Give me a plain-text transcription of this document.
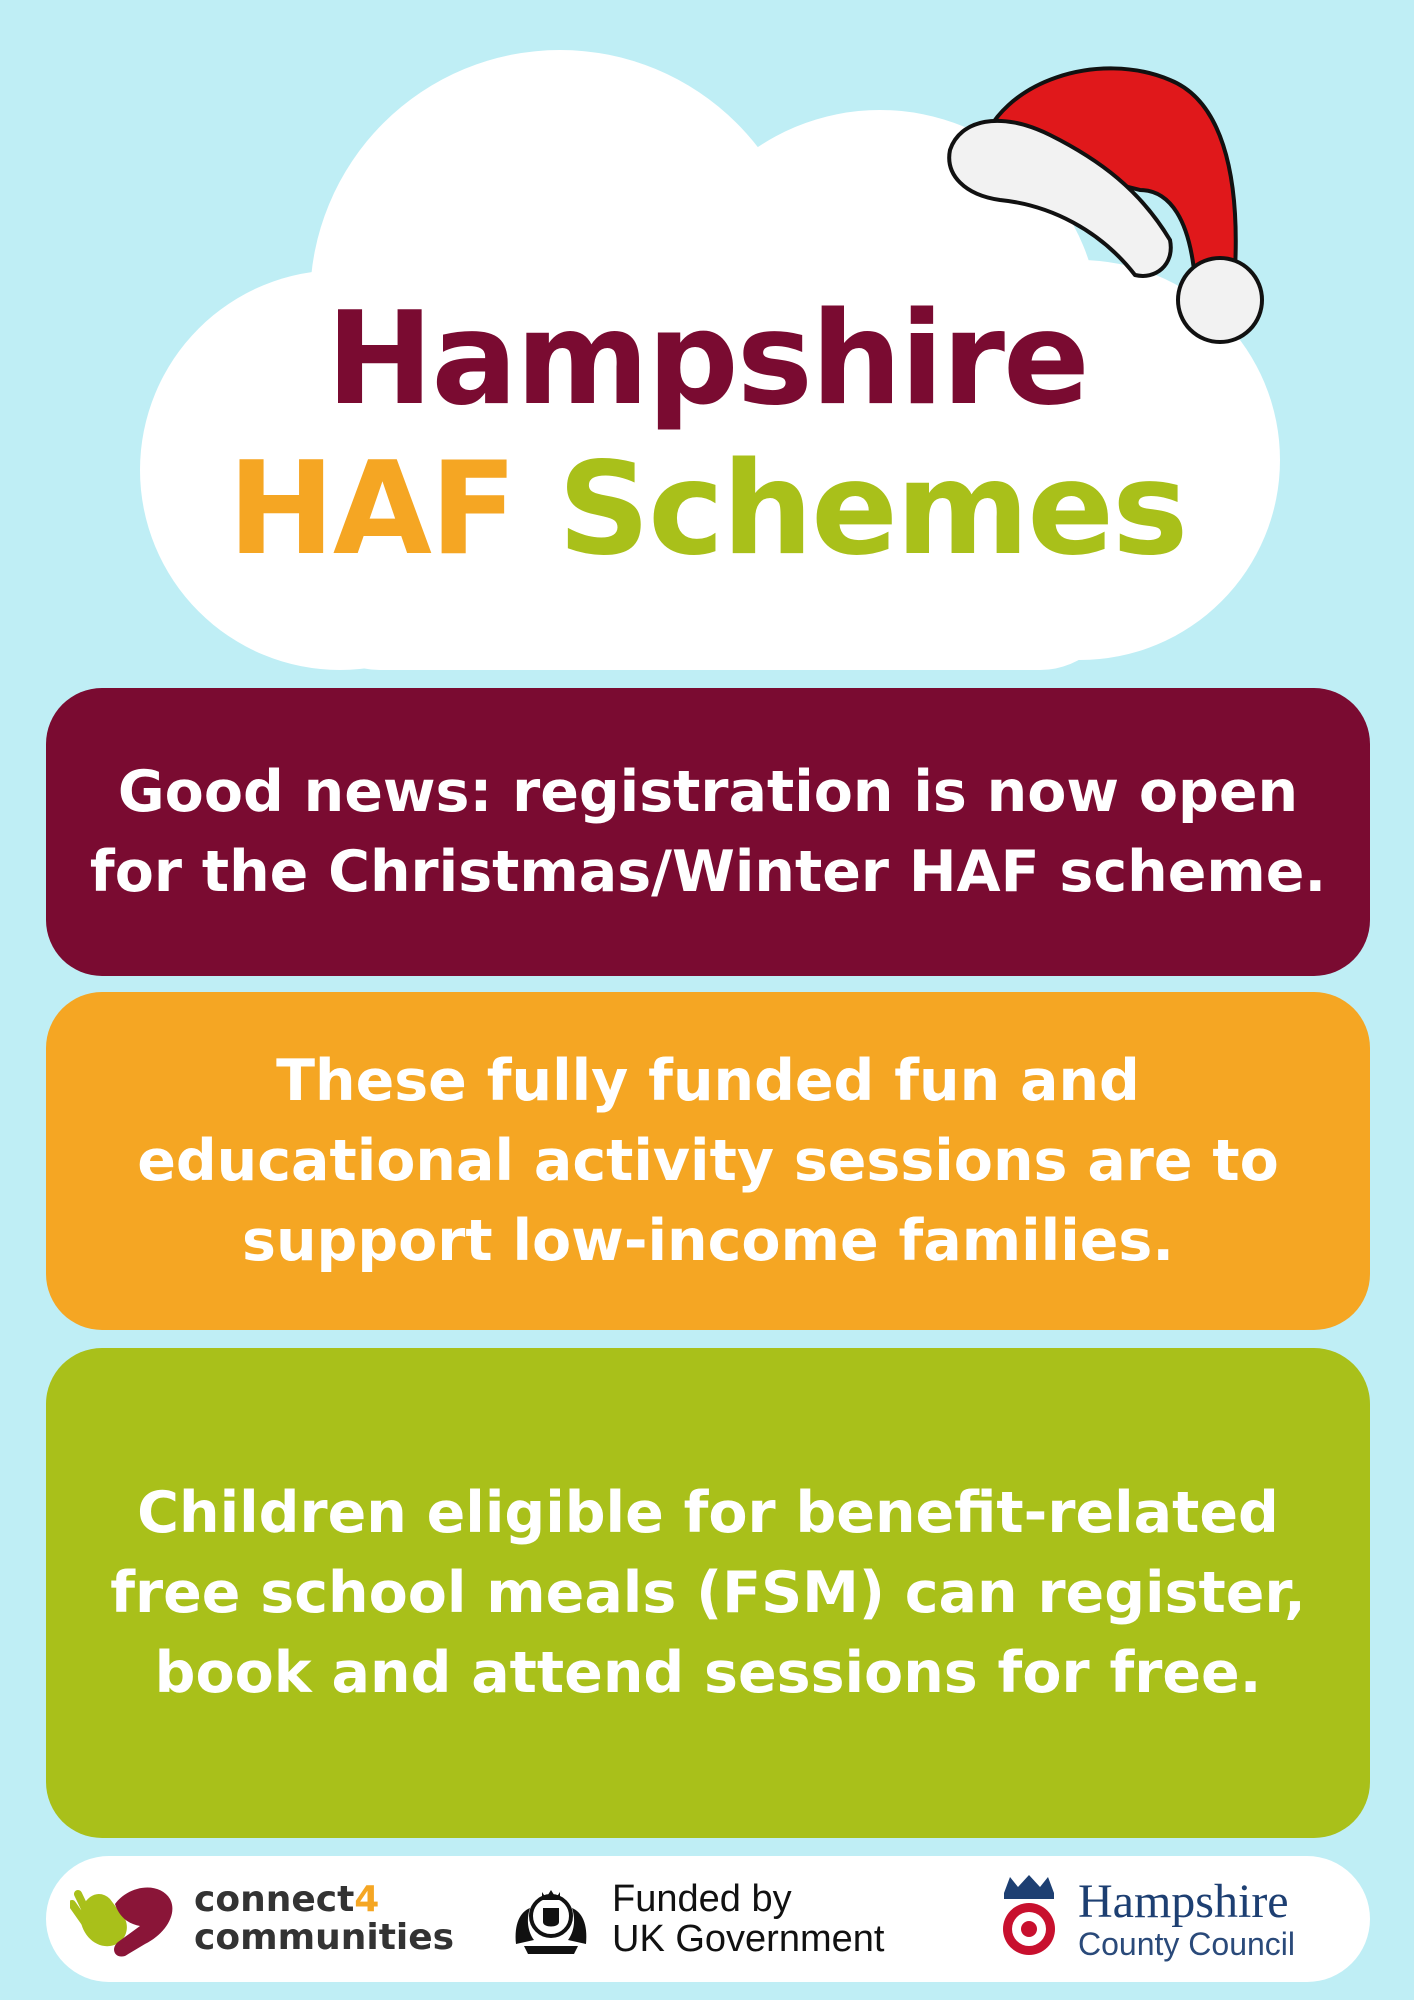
Hampshire
HAF Schemes
Good news: registration is now open for the Christmas/Winter HAF scheme.
These fully funded fun and educational activity sessions are to support low-income families.
Children eligible for benefit-related free school meals (FSM) can register, book and attend sessions for free.
connect4
communities
Funded by
UK Government
Hampshire
County Council
